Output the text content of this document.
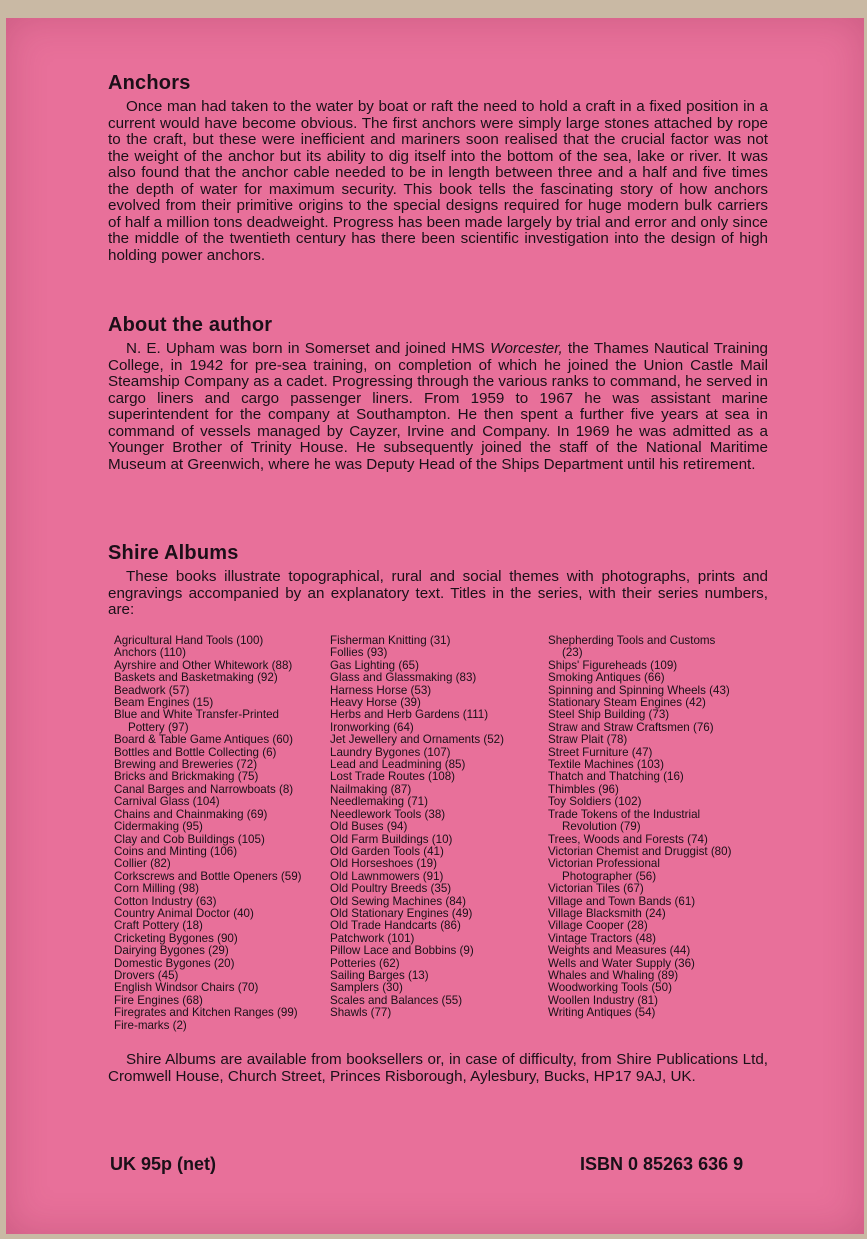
Anchors

Once man had taken to the water by boat or raft the need to hold a craft in a fixed position in a current would have become obvious. The first anchors were simply large stones attached by rope to the craft, but these were inefficient and mariners soon realised that the crucial factor was not the weight of the anchor but its ability to dig itself into the bottom of the sea, lake or river. It was also found that the anchor cable needed to be in length between three and a half and five times the depth of water for maximum security. This book tells the fascinating story of how anchors evolved from their primitive origins to the special designs required for huge modern bulk carriers of half a million tons deadweight. Progress has been made largely by trial and error and only since the middle of the twentieth century has there been scientific investigation into the design of high holding power anchors.

About the author

N. E. Upham was born in Somerset and joined HMS Worcester, the Thames Nautical Training College, in 1942 for pre-sea training, on completion of which he joined the Union Castle Mail Steamship Company as a cadet. Progressing through the various ranks to command, he served in cargo liners and cargo passenger liners. From 1959 to 1967 he was assistant marine superintendent for the company at Southampton. He then spent a further five years at sea in command of vessels managed by Cayzer, Irvine and Company. In 1969 he was admitted as a Younger Brother of Trinity House. He subsequently joined the staff of the National Maritime Museum at Greenwich, where he was Deputy Head of the Ships Department until his retirement.

Shire Albums

These books illustrate topographical, rural and social themes with photographs, prints and engravings accompanied by an explanatory text. Titles in the series, with their series numbers, are:

Agricultural Hand Tools (100)
Anchors (110)
Ayrshire and Other Whitework (88)
Baskets and Basketmaking (92)
Beadwork (57)
Beam Engines (15)
Blue and White Transfer-Printed
Pottery (97)
Board & Table Game Antiques (60)
Bottles and Bottle Collecting (6)
Brewing and Breweries (72)
Bricks and Brickmaking (75)
Canal Barges and Narrowboats (8)
Carnival Glass (104)
Chains and Chainmaking (69)
Cidermaking (95)
Clay and Cob Buildings (105)
Coins and Minting (106)
Collier (82)
Corkscrews and Bottle Openers (59)
Corn Milling (98)
Cotton Industry (63)
Country Animal Doctor (40)
Craft Pottery (18)
Cricketing Bygones (90)
Dairying Bygones (29)
Domestic Bygones (20)
Drovers (45)
English Windsor Chairs (70)
Fire Engines (68)
Firegrates and Kitchen Ranges (99)
Fire-marks (2)
Fisherman Knitting (31)
Follies (93)
Gas Lighting (65)
Glass and Glassmaking (83)
Harness Horse (53)
Heavy Horse (39)
Herbs and Herb Gardens (111)
Ironworking (64)
Jet Jewellery and Ornaments (52)
Laundry Bygones (107)
Lead and Leadmining (85)
Lost Trade Routes (108)
Nailmaking (87)
Needlemaking (71)
Needlework Tools (38)
Old Buses (94)
Old Farm Buildings (10)
Old Garden Tools (41)
Old Horseshoes (19)
Old Lawnmowers (91)
Old Poultry Breeds (35)
Old Sewing Machines (84)
Old Stationary Engines (49)
Old Trade Handcarts (86)
Patchwork (101)
Pillow Lace and Bobbins (9)
Potteries (62)
Sailing Barges (13)
Samplers (30)
Scales and Balances (55)
Shawls (77)
Shepherding Tools and Customs
(23)
Ships' Figureheads (109)
Smoking Antiques (66)
Spinning and Spinning Wheels (43)
Stationary Steam Engines (42)
Steel Ship Building (73)
Straw and Straw Craftsmen (76)
Straw Plait (78)
Street Furniture (47)
Textile Machines (103)
Thatch and Thatching (16)
Thimbles (96)
Toy Soldiers (102)
Trade Tokens of the Industrial
Revolution (79)
Trees, Woods and Forests (74)
Victorian Chemist and Druggist (80)
Victorian Professional
Photographer (56)
Victorian Tiles (67)
Village and Town Bands (61)
Village Blacksmith (24)
Village Cooper (28)
Vintage Tractors (48)
Weights and Measures (44)
Wells and Water Supply (36)
Whales and Whaling (89)
Woodworking Tools (50)
Woollen Industry (81)
Writing Antiques (54)

Shire Albums are available from booksellers or, in case of difficulty, from Shire Publications Ltd, Cromwell House, Church Street, Princes Risborough, Aylesbury, Bucks, HP17 9AJ, UK.

UK 95p (net)	ISBN 0 85263 636 9
